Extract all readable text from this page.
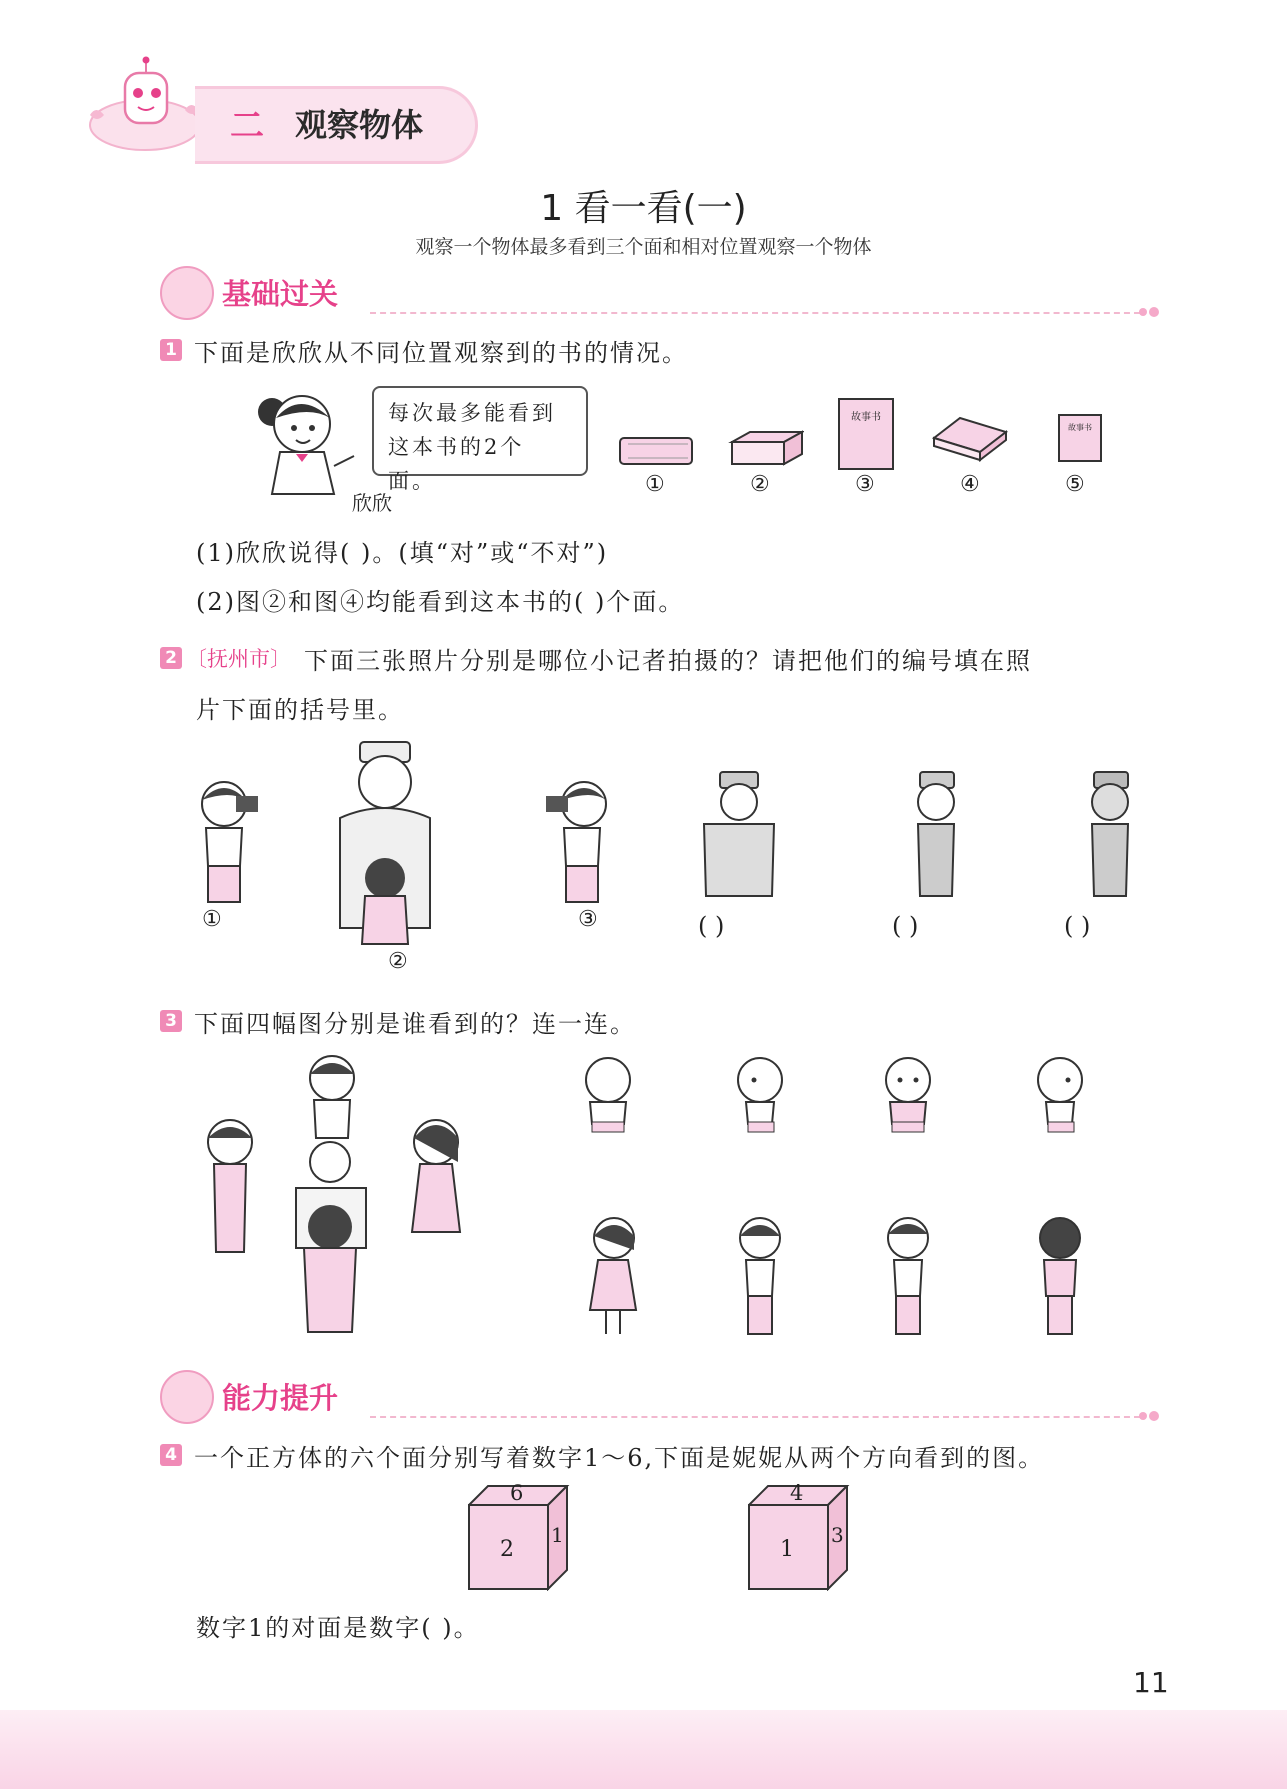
二 观察物体
1 看一看(一)
观察一个物体最多看到三个面和相对位置观察一个物体
基础过关
1 下面是欣欣从不同位置观察到的书的情况。
每次最多能看到
这本书的2个面。
欣欣
故事书
故事书
①	②	③	④	⑤
(1)欣欣说得( )。(填“对”或“不对”)
(2)图②和图④均能看到这本书的( )个面。
2 〔抚州市〕 下面三张照片分别是哪位小记者拍摄的？请把他们的编号填在照
片下面的括号里。
①
②
③	( )	( )	( )
3 下面四幅图分别是谁看到的？连一连。
能力提升
4 一个正方体的六个面分别写着数字1～6,下面是妮妮从两个方向看到的图。
6
2
1
4
1
3
数字1的对面是数字( )。
11
